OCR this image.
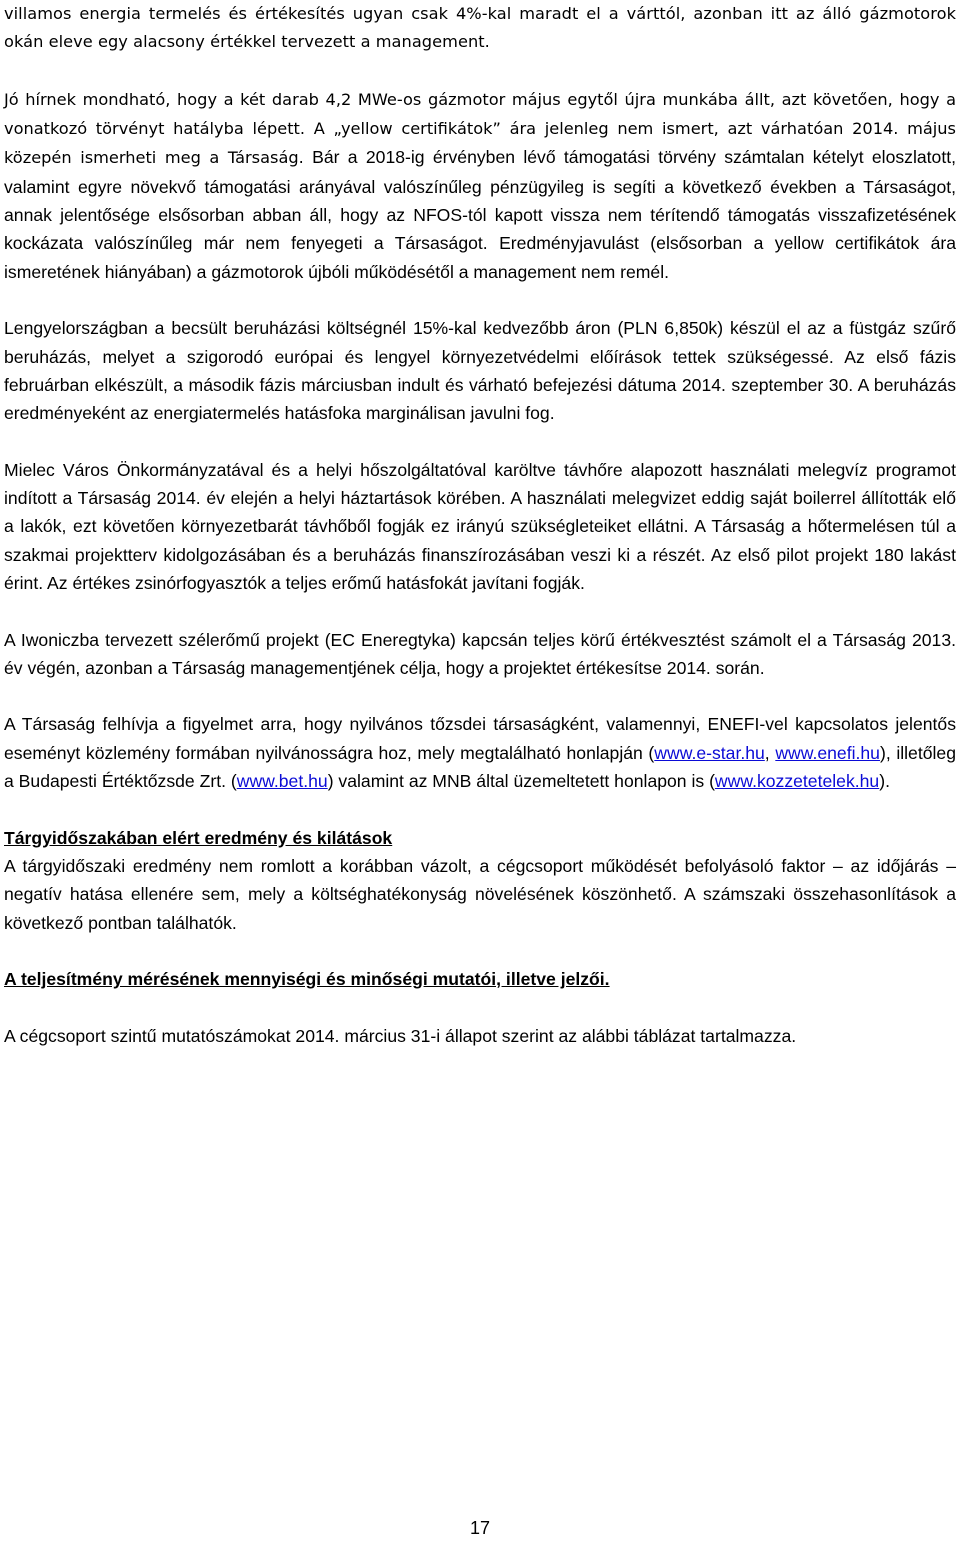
villamos energia termelés és értékesítés ugyan csak 4%-kal maradt el a várttól, azonban itt az álló gázmotorok okán eleve egy alacsony értékkel tervezett a management.

Jó hírnek mondható, hogy a két darab 4,2 MWe-os gázmotor május egytől újra munkába állt, azt követően, hogy a vonatkozó törvényt hatályba lépett. A „yellow certifikátok” ára jelenleg nem ismert, azt várhatóan 2014. május közepén ismerheti meg a Társaság. Bár a 2018-ig érvényben lévő támogatási törvény számtalan kételyt eloszlatott, valamint egyre növekvő támogatási arányával valószínűleg pénzügyileg is segíti a következő években a Társaságot, annak jelentősége elsősorban abban áll, hogy az NFOS-tól kapott vissza nem térítendő támogatás visszafizetésének kockázata valószínűleg már nem fenyegeti a Társaságot. Eredményjavulást (elsősorban a yellow certifikátok ára ismeretének hiányában) a gázmotorok újbóli működésétől a management nem remél.

Lengyelországban a becsült beruházási költségnél 15%-kal kedvezőbb áron (PLN 6,850k) készül el az a füstgáz szűrő beruházás, melyet a szigorodó európai és lengyel környezetvédelmi előírások tettek szükségessé. Az első fázis februárban elkészült, a második fázis márciusban indult és várható befejezési dátuma 2014. szeptember 30. A beruházás eredményeként az energiatermelés hatásfoka marginálisan javulni fog.

Mielec Város Önkormányzatával és a helyi hőszolgáltatóval karöltve távhőre alapozott használati melegvíz programot indított a Társaság 2014. év elején a helyi háztartások körében. A használati melegvizet eddig saját boilerrel állították elő a lakók, ezt követően környezetbarát távhőből fogják ez irányú szükségleteiket ellátni. A Társaság a hőtermelésen túl a szakmai projektterv kidolgozásában és a beruházás finanszírozásában veszi ki a részét. Az első pilot projekt 180 lakást érint. Az értékes zsinórfogyasztók a teljes erőmű hatásfokát javítani fogják.

A Iwoniczba tervezett szélerőmű projekt (EC Eneregtyka) kapcsán teljes körű értékvesztést számolt el a Társaság 2013. év végén, azonban a Társaság managementjének célja, hogy a projektet értékesítse 2014. során.

A Társaság felhívja a figyelmet arra, hogy nyilvános tőzsdei társaságként, valamennyi, ENEFI-vel kapcsolatos jelentős eseményt közlemény formában nyilvánosságra hoz, mely megtalálható honlapján (www.e-star.hu, www.enefi.hu), illetőleg a Budapesti Értéktőzsde Zrt. (www.bet.hu) valamint az MNB által üzemeltetett honlapon is (www.kozzetetelek.hu).

Tárgyidőszakában elért eredmény és kilátások

A tárgyidőszaki eredmény nem romlott a korábban vázolt, a cégcsoport működését befolyásoló faktor – az időjárás – negatív hatása ellenére sem, mely a költséghatékonyság növelésének köszönhető. A számszaki összehasonlítások a következő pontban találhatók.

A teljesítmény mérésének mennyiségi és minőségi mutatói, illetve jelzői.

A cégcsoport szintű mutatószámokat 2014. március 31-i állapot szerint az alábbi táblázat tartalmazza.

17
